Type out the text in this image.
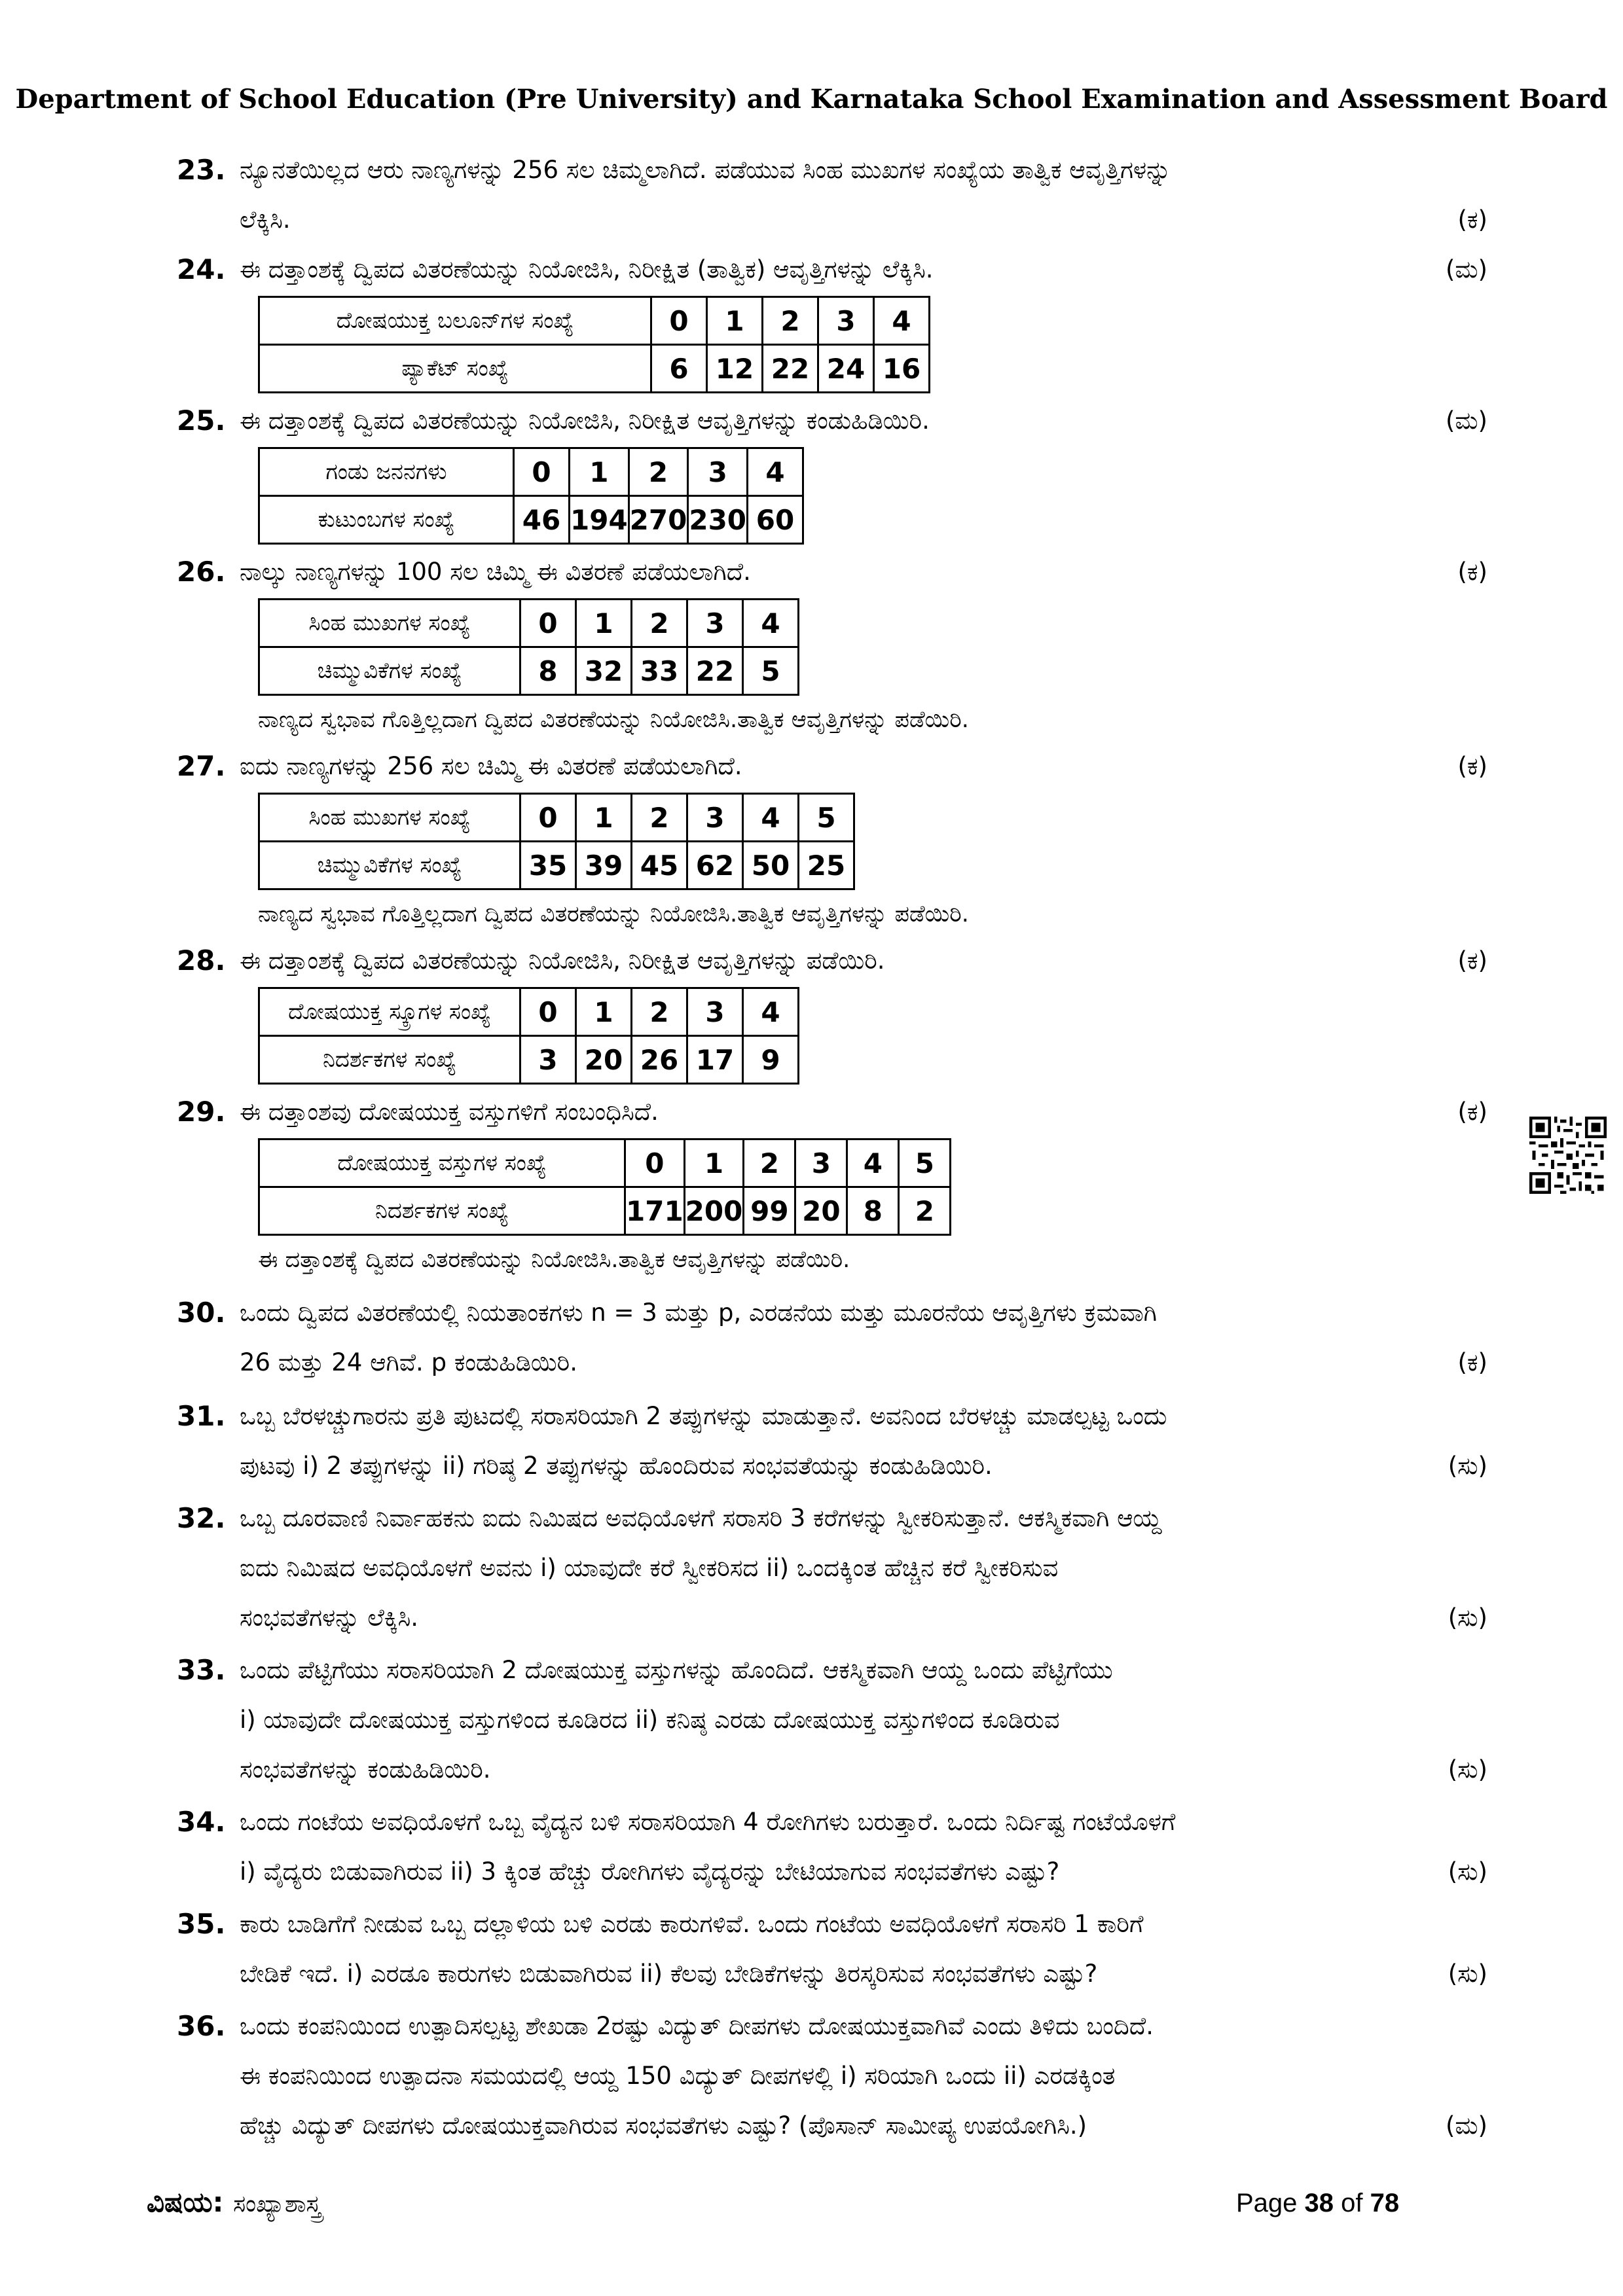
Department of School Education (Pre University) and Karnataka School Examination and Assessment Board
23. ನ್ಯೂನತೆಯಿಲ್ಲದ ಆರು ನಾಣ್ಯಗಳನ್ನು 256 ಸಲ ಚಿಮ್ಮಲಾಗಿದೆ. ಪಡೆಯುವ ಸಿಂಹ ಮುಖಗಳ ಸಂಖ್ಯೆಯ ತಾತ್ವಿಕ ಆವೃತ್ತಿಗಳನ್ನು
ಲೆಕ್ಕಿಸಿ.	(ಕ)
24. ಈ ದತ್ತಾಂಶಕ್ಕೆ ದ್ವಿಪದ ವಿತರಣೆಯನ್ನು ನಿಯೋಜಿಸಿ, ನಿರೀಕ್ಷಿತ (ತಾತ್ವಿಕ) ಆವೃತ್ತಿಗಳನ್ನು ಲೆಕ್ಕಿಸಿ.	(ಮ)
ದೋಷಯುಕ್ತ ಬಲೂನ್‌ಗಳ ಸಂಖ್ಯೆ	0	1	2	3	4
ಪ್ಯಾಕೆಟ್ ಸಂಖ್ಯೆ	6	12	22	24	16
25. ಈ ದತ್ತಾಂಶಕ್ಕೆ ದ್ವಿಪದ ವಿತರಣೆಯನ್ನು ನಿಯೋಜಿಸಿ, ನಿರೀಕ್ಷಿತ ಆವೃತ್ತಿಗಳನ್ನು ಕಂಡುಹಿಡಿಯಿರಿ.	(ಮ)
ಗಂಡು ಜನನಗಳು	0	1	2	3	4
ಕುಟುಂಬಗಳ ಸಂಖ್ಯೆ	46	194	270	230	60
26. ನಾಲ್ಕು ನಾಣ್ಯಗಳನ್ನು 100 ಸಲ ಚಿಮ್ಮಿ ಈ ವಿತರಣೆ ಪಡೆಯಲಾಗಿದೆ.	(ಕ)
ಸಿಂಹ ಮುಖಗಳ ಸಂಖ್ಯೆ	0	1	2	3	4
ಚಿಮ್ಮುವಿಕೆಗಳ ಸಂಖ್ಯೆ	8	32	33	22	5
ನಾಣ್ಯದ ಸ್ವಭಾವ ಗೊತ್ತಿಲ್ಲದಾಗ ದ್ವಿಪದ ವಿತರಣೆಯನ್ನು ನಿಯೋಜಿಸಿ.ತಾತ್ವಿಕ ಆವೃತ್ತಿಗಳನ್ನು ಪಡೆಯಿರಿ.
27. ಐದು ನಾಣ್ಯಗಳನ್ನು 256 ಸಲ ಚಿಮ್ಮಿ ಈ ವಿತರಣೆ ಪಡೆಯಲಾಗಿದೆ.	(ಕ)
ಸಿಂಹ ಮುಖಗಳ ಸಂಖ್ಯೆ	0	1	2	3	4	5
ಚಿಮ್ಮುವಿಕೆಗಳ ಸಂಖ್ಯೆ	35	39	45	62	50	25
ನಾಣ್ಯದ ಸ್ವಭಾವ ಗೊತ್ತಿಲ್ಲದಾಗ ದ್ವಿಪದ ವಿತರಣೆಯನ್ನು ನಿಯೋಜಿಸಿ.ತಾತ್ವಿಕ ಆವೃತ್ತಿಗಳನ್ನು ಪಡೆಯಿರಿ.
28. ಈ ದತ್ತಾಂಶಕ್ಕೆ ದ್ವಿಪದ ವಿತರಣೆಯನ್ನು ನಿಯೋಜಿಸಿ, ನಿರೀಕ್ಷಿತ ಆವೃತ್ತಿಗಳನ್ನು ಪಡೆಯಿರಿ.	(ಕ)
ದೋಷಯುಕ್ತ ಸ್ಕ್ರೂಗಳ ಸಂಖ್ಯೆ	0	1	2	3	4
ನಿದರ್ಶಕಗಳ ಸಂಖ್ಯೆ	3	20	26	17	9
29. ಈ ದತ್ತಾಂಶವು ದೋಷಯುಕ್ತ ವಸ್ತುಗಳಿಗೆ ಸಂಬಂಧಿಸಿದೆ.	(ಕ)
ದೋಷಯುಕ್ತ ವಸ್ತುಗಳ ಸಂಖ್ಯೆ	0	1	2	3	4	5
ನಿದರ್ಶಕಗಳ ಸಂಖ್ಯೆ	171	200	99	20	8	2
ಈ ದತ್ತಾಂಶಕ್ಕೆ ದ್ವಿಪದ ವಿತರಣೆಯನ್ನು ನಿಯೋಜಿಸಿ.ತಾತ್ವಿಕ ಆವೃತ್ತಿಗಳನ್ನು ಪಡೆಯಿರಿ.
30. ಒಂದು ದ್ವಿಪದ ವಿತರಣೆಯಲ್ಲಿ ನಿಯತಾಂಕಗಳು n = 3 ಮತ್ತು p, ಎರಡನೆಯ ಮತ್ತು ಮೂರನೆಯ ಆವೃತ್ತಿಗಳು ಕ್ರಮವಾಗಿ
26 ಮತ್ತು 24 ಆಗಿವೆ. p ಕಂಡುಹಿಡಿಯಿರಿ.	(ಕ)
31. ಒಬ್ಬ ಬೆರಳಚ್ಚುಗಾರನು ಪ್ರತಿ ಪುಟದಲ್ಲಿ ಸರಾಸರಿಯಾಗಿ 2 ತಪ್ಪುಗಳನ್ನು ಮಾಡುತ್ತಾನೆ. ಅವನಿಂದ ಬೆರಳಚ್ಚು ಮಾಡಲ್ಪಟ್ಟ ಒಂದು
ಪುಟವು i) 2 ತಪ್ಪುಗಳನ್ನು ii) ಗರಿಷ್ಠ 2 ತಪ್ಪುಗಳನ್ನು ಹೊಂದಿರುವ ಸಂಭವತೆಯನ್ನು ಕಂಡುಹಿಡಿಯಿರಿ.	(ಸು)
32. ಒಬ್ಬ ದೂರವಾಣಿ ನಿರ್ವಾಹಕನು ಐದು ನಿಮಿಷದ ಅವಧಿಯೊಳಗೆ ಸರಾಸರಿ 3 ಕರೆಗಳನ್ನು ಸ್ವೀಕರಿಸುತ್ತಾನೆ. ಆಕಸ್ಮಿಕವಾಗಿ ಆಯ್ದ
ಐದು ನಿಮಿಷದ ಅವಧಿಯೊಳಗೆ ಅವನು i) ಯಾವುದೇ ಕರೆ ಸ್ವೀಕರಿಸದ ii) ಒಂದಕ್ಕಿಂತ ಹೆಚ್ಚಿನ ಕರೆ ಸ್ವೀಕರಿಸುವ
ಸಂಭವತೆಗಳನ್ನು ಲೆಕ್ಕಿಸಿ.	(ಸು)
33. ಒಂದು ಪೆಟ್ಟಿಗೆಯು ಸರಾಸರಿಯಾಗಿ 2 ದೋಷಯುಕ್ತ ವಸ್ತುಗಳನ್ನು ಹೊಂದಿದೆ. ಆಕಸ್ಮಿಕವಾಗಿ ಆಯ್ದ ಒಂದು ಪೆಟ್ಟಿಗೆಯು
i) ಯಾವುದೇ ದೋಷಯುಕ್ತ ವಸ್ತುಗಳಿಂದ ಕೂಡಿರದ ii) ಕನಿಷ್ಠ ಎರಡು ದೋಷಯುಕ್ತ ವಸ್ತುಗಳಿಂದ ಕೂಡಿರುವ
ಸಂಭವತೆಗಳನ್ನು ಕಂಡುಹಿಡಿಯಿರಿ.	(ಸು)
34. ಒಂದು ಗಂಟೆಯ ಅವಧಿಯೊಳಗೆ ಒಬ್ಬ ವೈದ್ಯನ ಬಳಿ ಸರಾಸರಿಯಾಗಿ 4 ರೋಗಿಗಳು ಬರುತ್ತಾರೆ. ಒಂದು ನಿರ್ದಿಷ್ಟ ಗಂಟೆಯೊಳಗೆ
i) ವೈದ್ಯರು ಬಿಡುವಾಗಿರುವ ii) 3 ಕ್ಕಿಂತ ಹೆಚ್ಚು ರೋಗಿಗಳು ವೈದ್ಯರನ್ನು ಬೇಟಿಯಾಗುವ ಸಂಭವತೆಗಳು ಎಷ್ಟು?	(ಸು)
35. ಕಾರು ಬಾಡಿಗೆಗೆ ನೀಡುವ ಒಬ್ಬ ದಲ್ಲಾಳಿಯ ಬಳಿ ಎರಡು ಕಾರುಗಳಿವೆ. ಒಂದು ಗಂಟೆಯ ಅವಧಿಯೊಳಗೆ ಸರಾಸರಿ 1 ಕಾರಿಗೆ
ಬೇಡಿಕೆ ಇದೆ. i) ಎರಡೂ ಕಾರುಗಳು ಬಿಡುವಾಗಿರುವ ii) ಕೆಲವು ಬೇಡಿಕೆಗಳನ್ನು ತಿರಸ್ಕರಿಸುವ ಸಂಭವತೆಗಳು ಎಷ್ಟು?	(ಸು)
36. ಒಂದು ಕಂಪನಿಯಿಂದ ಉತ್ಪಾದಿಸಲ್ಪಟ್ಟ ಶೇಖಡಾ 2ರಷ್ಟು ವಿದ್ಯುತ್ ದೀಪಗಳು ದೋಷಯುಕ್ತವಾಗಿವೆ ಎಂದು ತಿಳಿದು ಬಂದಿದೆ.
ಈ ಕಂಪನಿಯಿಂದ ಉತ್ಪಾದನಾ ಸಮಯದಲ್ಲಿ ಆಯ್ದ 150 ವಿದ್ಯುತ್ ದೀಪಗಳಲ್ಲಿ i) ಸರಿಯಾಗಿ ಒಂದು ii) ಎರಡಕ್ಕಿಂತ
ಹೆಚ್ಚು ವಿದ್ಯುತ್ ದೀಪಗಳು ದೋಷಯುಕ್ತವಾಗಿರುವ ಸಂಭವತೆಗಳು ಎಷ್ಟು? (ಪೊಸಾನ್ ಸಾಮೀಪ್ಯ ಉಪಯೋಗಿಸಿ.)	(ಮ)
ವಿಷಯ: ಸಂಖ್ಯಾಶಾಸ್ತ್ರ	Page 38 of 78
